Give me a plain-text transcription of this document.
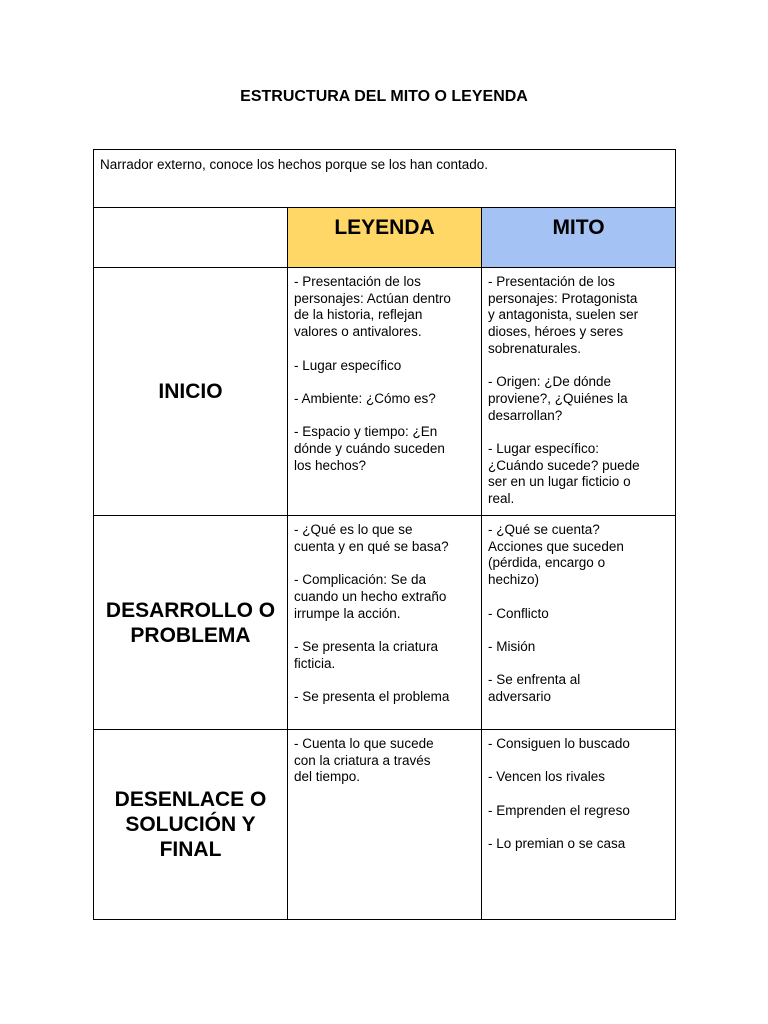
ESTRUCTURA DEL MITO O LEYENDA
Narrador externo, conoce los hechos porque se los han contado.
LEYENDA	MITO
INICIO

- Presentación de los
personajes: Actúan dentro
de la historia, reflejan
valores o antivalores.

- Lugar específico

- Ambiente: ¿Cómo es?

- Espacio y tiempo: ¿En
dónde y cuándo suceden
los hechos?

- Presentación de los
personajes: Protagonista
y antagonista, suelen ser
dioses, héroes y seres
sobrenaturales.

- Origen: ¿De dónde
proviene?, ¿Quiénes la
desarrollan?

- Lugar específico:
¿Cuándo sucede? puede
ser en un lugar ficticio o
real.

DESARROLLO O PROBLEMA

- ¿Qué es lo que se
cuenta y en qué se basa?

- Complicación: Se da
cuando un hecho extraño
irrumpe la acción.

- Se presenta la criatura
ficticia.

- Se presenta el problema

- ¿Qué se cuenta?
Acciones que suceden
(pérdida, encargo o
hechizo)

- Conflicto

- Misión

- Se enfrenta al
adversario

DESENLACE O SOLUCIÓN Y FINAL

- Cuenta lo que sucede
con la criatura a través
del tiempo.

- Consiguen lo buscado

- Vencen los rivales

- Emprenden el regreso

- Lo premian o se casa
